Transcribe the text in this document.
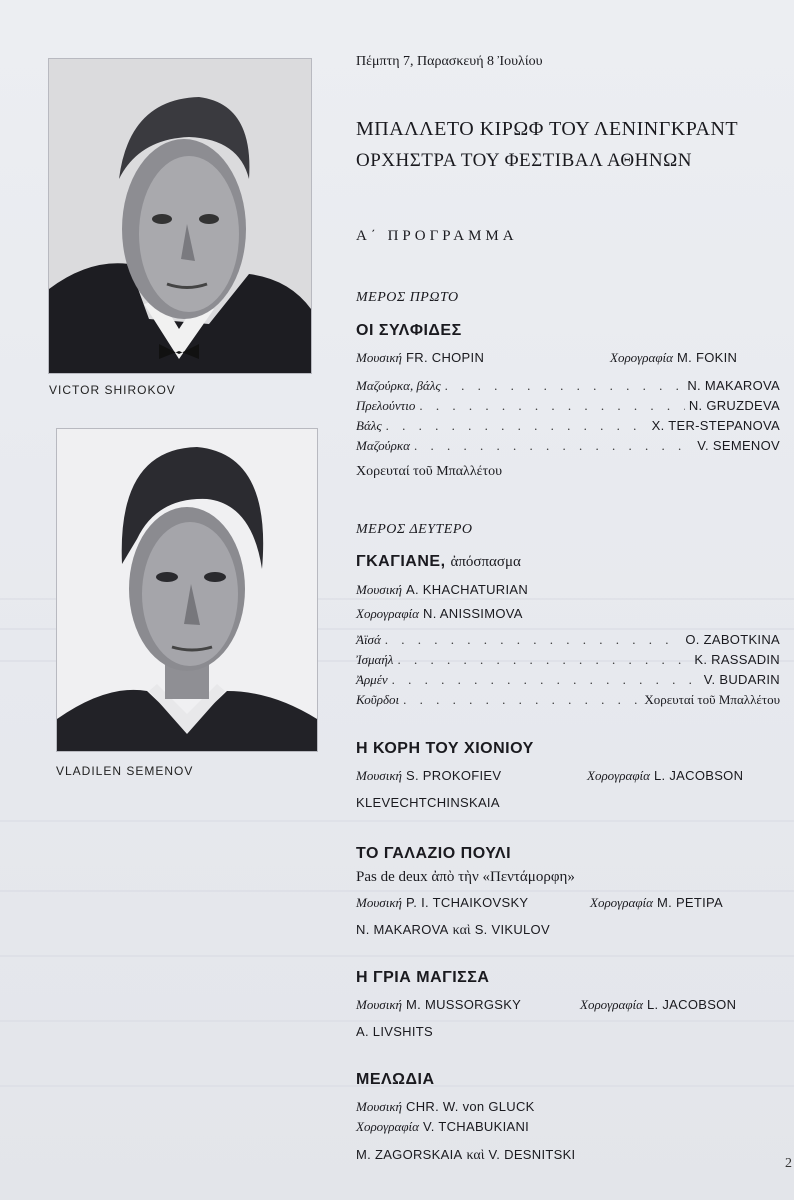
VICTOR SHIROKOV
VLADILEN SEMENOV
Πέμπτη 7, Παρασκευή 8 Ἰουλίου
ΜΠΑΛΛΕΤΟ ΚΙΡΩΦ ΤΟΥ ΛΕΝΙΝΓΚΡΑΝΤ
ΟΡΧΗΣΤΡΑ ΤΟΥ ΦΕΣΤΙΒΑΛ ΑΘΗΝΩΝ
Α΄ ΠΡΟΓΡΑΜΜΑ
ΜΕΡΟΣ ΠΡΩΤΟ
ΟΙ ΣΥΛΦΙΔΕΣ
Μουσική FR. CHOPIN	Χορογραφία M. FOKIN
Μαζούρκα, βάλς . . .	N. MAKAROVA
Πρελούντιο . . .	N. GRUZDEVA
Βάλς . . .	X. TER-STEPANOVA
Μαζούρκα . . .	V. SEMENOV
Χορευταί τοῦ Μπαλλέτου
ΜΕΡΟΣ ΔΕΥΤΕΡΟ
ΓΚΑΓΙΑΝΕ, ἀπόσπασμα
Μουσική A. KHACHATURIAN
Χορογραφία N. ANISSIMOVA
Ἀϊσά . . .	O. ZABOTKINA
Ἰσμαήλ . . .	K. RASSADIN
Ἀρμέν . . .	V. BUDARIN
Κοῦρδοι . . .	Χορευταί τοῦ Μπαλλέτου
Η ΚΟΡΗ ΤΟΥ ΧΙΟΝΙΟΥ
Μουσική S. PROKOFIEV	Χορογραφία L. JACOBSON
KLEVECHTCHINSKAIA
ΤΟ ΓΑΛΑΖΙΟ ΠΟΥΛΙ
Pas de deux ἀπὸ τὴν «Πεντάμορφη»
Μουσική P. I. TCHAIKOVSKY	Χορογραφία M. PETIPA
N. MAKAROVA καὶ S. VIKULOV
Η ΓΡΙΑ ΜΑΓΙΣΣΑ
Μουσική M. MUSSORGSKY	Χορογραφία L. JACOBSON
A. LIVSHITS
ΜΕΛΩΔΙΑ
Μουσική CHR. W. von GLUCK
Χορογραφία V. TCHABUKIANI
M. ZAGORSKAIA καὶ V. DESNITSKI
2
